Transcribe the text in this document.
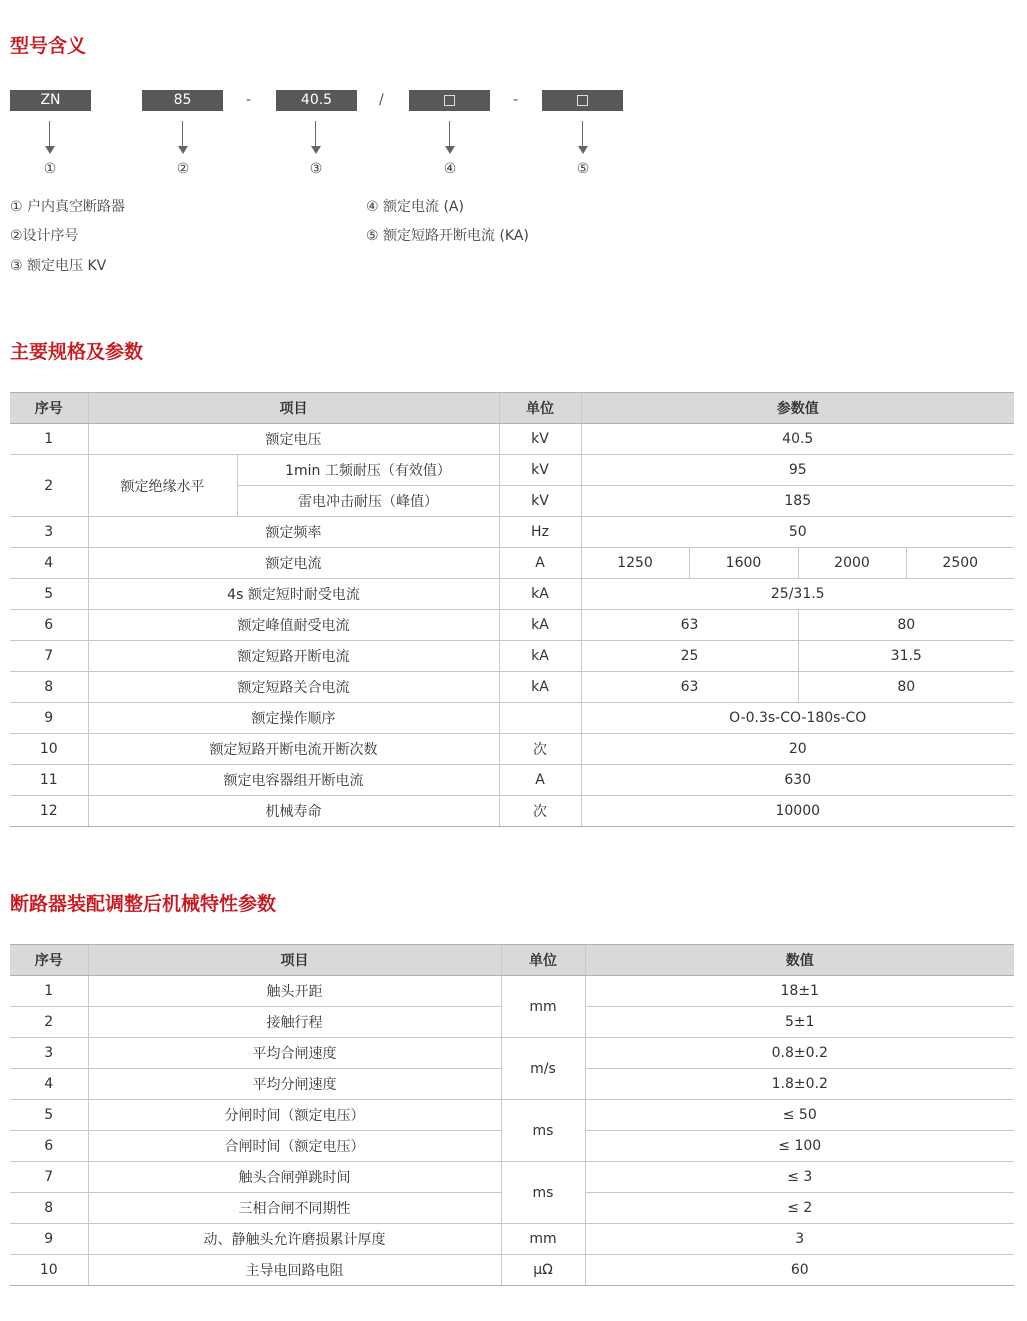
型号含义
ZN	85	-	40.5	/	□	-	□
①	②	③	④	⑤
① 户内真空断路器
②设计序号
③ 额定电压 KV
④ 额定电流 (A)
⑤ 额定短路开断电流 (KA)
主要规格及参数
序号	项目		单位	参数值			
1	额定电压		kV	40.5			
2	额定绝缘水平	1min 工频耐压（有效值）	kV	95			
		雷电冲击耐压（峰值）	kV	185			
3	额定频率		Hz	50			
4	额定电流		A	1250	1600	2000	2500
5	4s 额定短时耐受电流		kA	25/31.5			
6	额定峰值耐受电流		kA	63		80	
7	额定短路开断电流		kA	25		31.5	
8	额定短路关合电流		kA	63		80	
9	额定操作顺序			O-0.3s-CO-180s-CO			
10	额定短路开断电流开断次数		次	20			
11	额定电容器组开断电流		A	630			
12	机械寿命		次	10000			
断路器装配调整后机械特性参数
序号	项目	单位	数值
1	触头开距	mm	18±1
2	接触行程		5±1
3	平均合闸速度	m/s	0.8±0.2
4	平均分闸速度		1.8±0.2
5	分闸时间（额定电压）	ms	≤ 50
6	合闸时间（额定电压）		≤ 100
7	触头合闸弹跳时间	ms	≤ 3
8	三相合闸不同期性		≤ 2
9	动、静触头允许磨损累计厚度	mm	3
10	主导电回路电阻	μΩ	60
